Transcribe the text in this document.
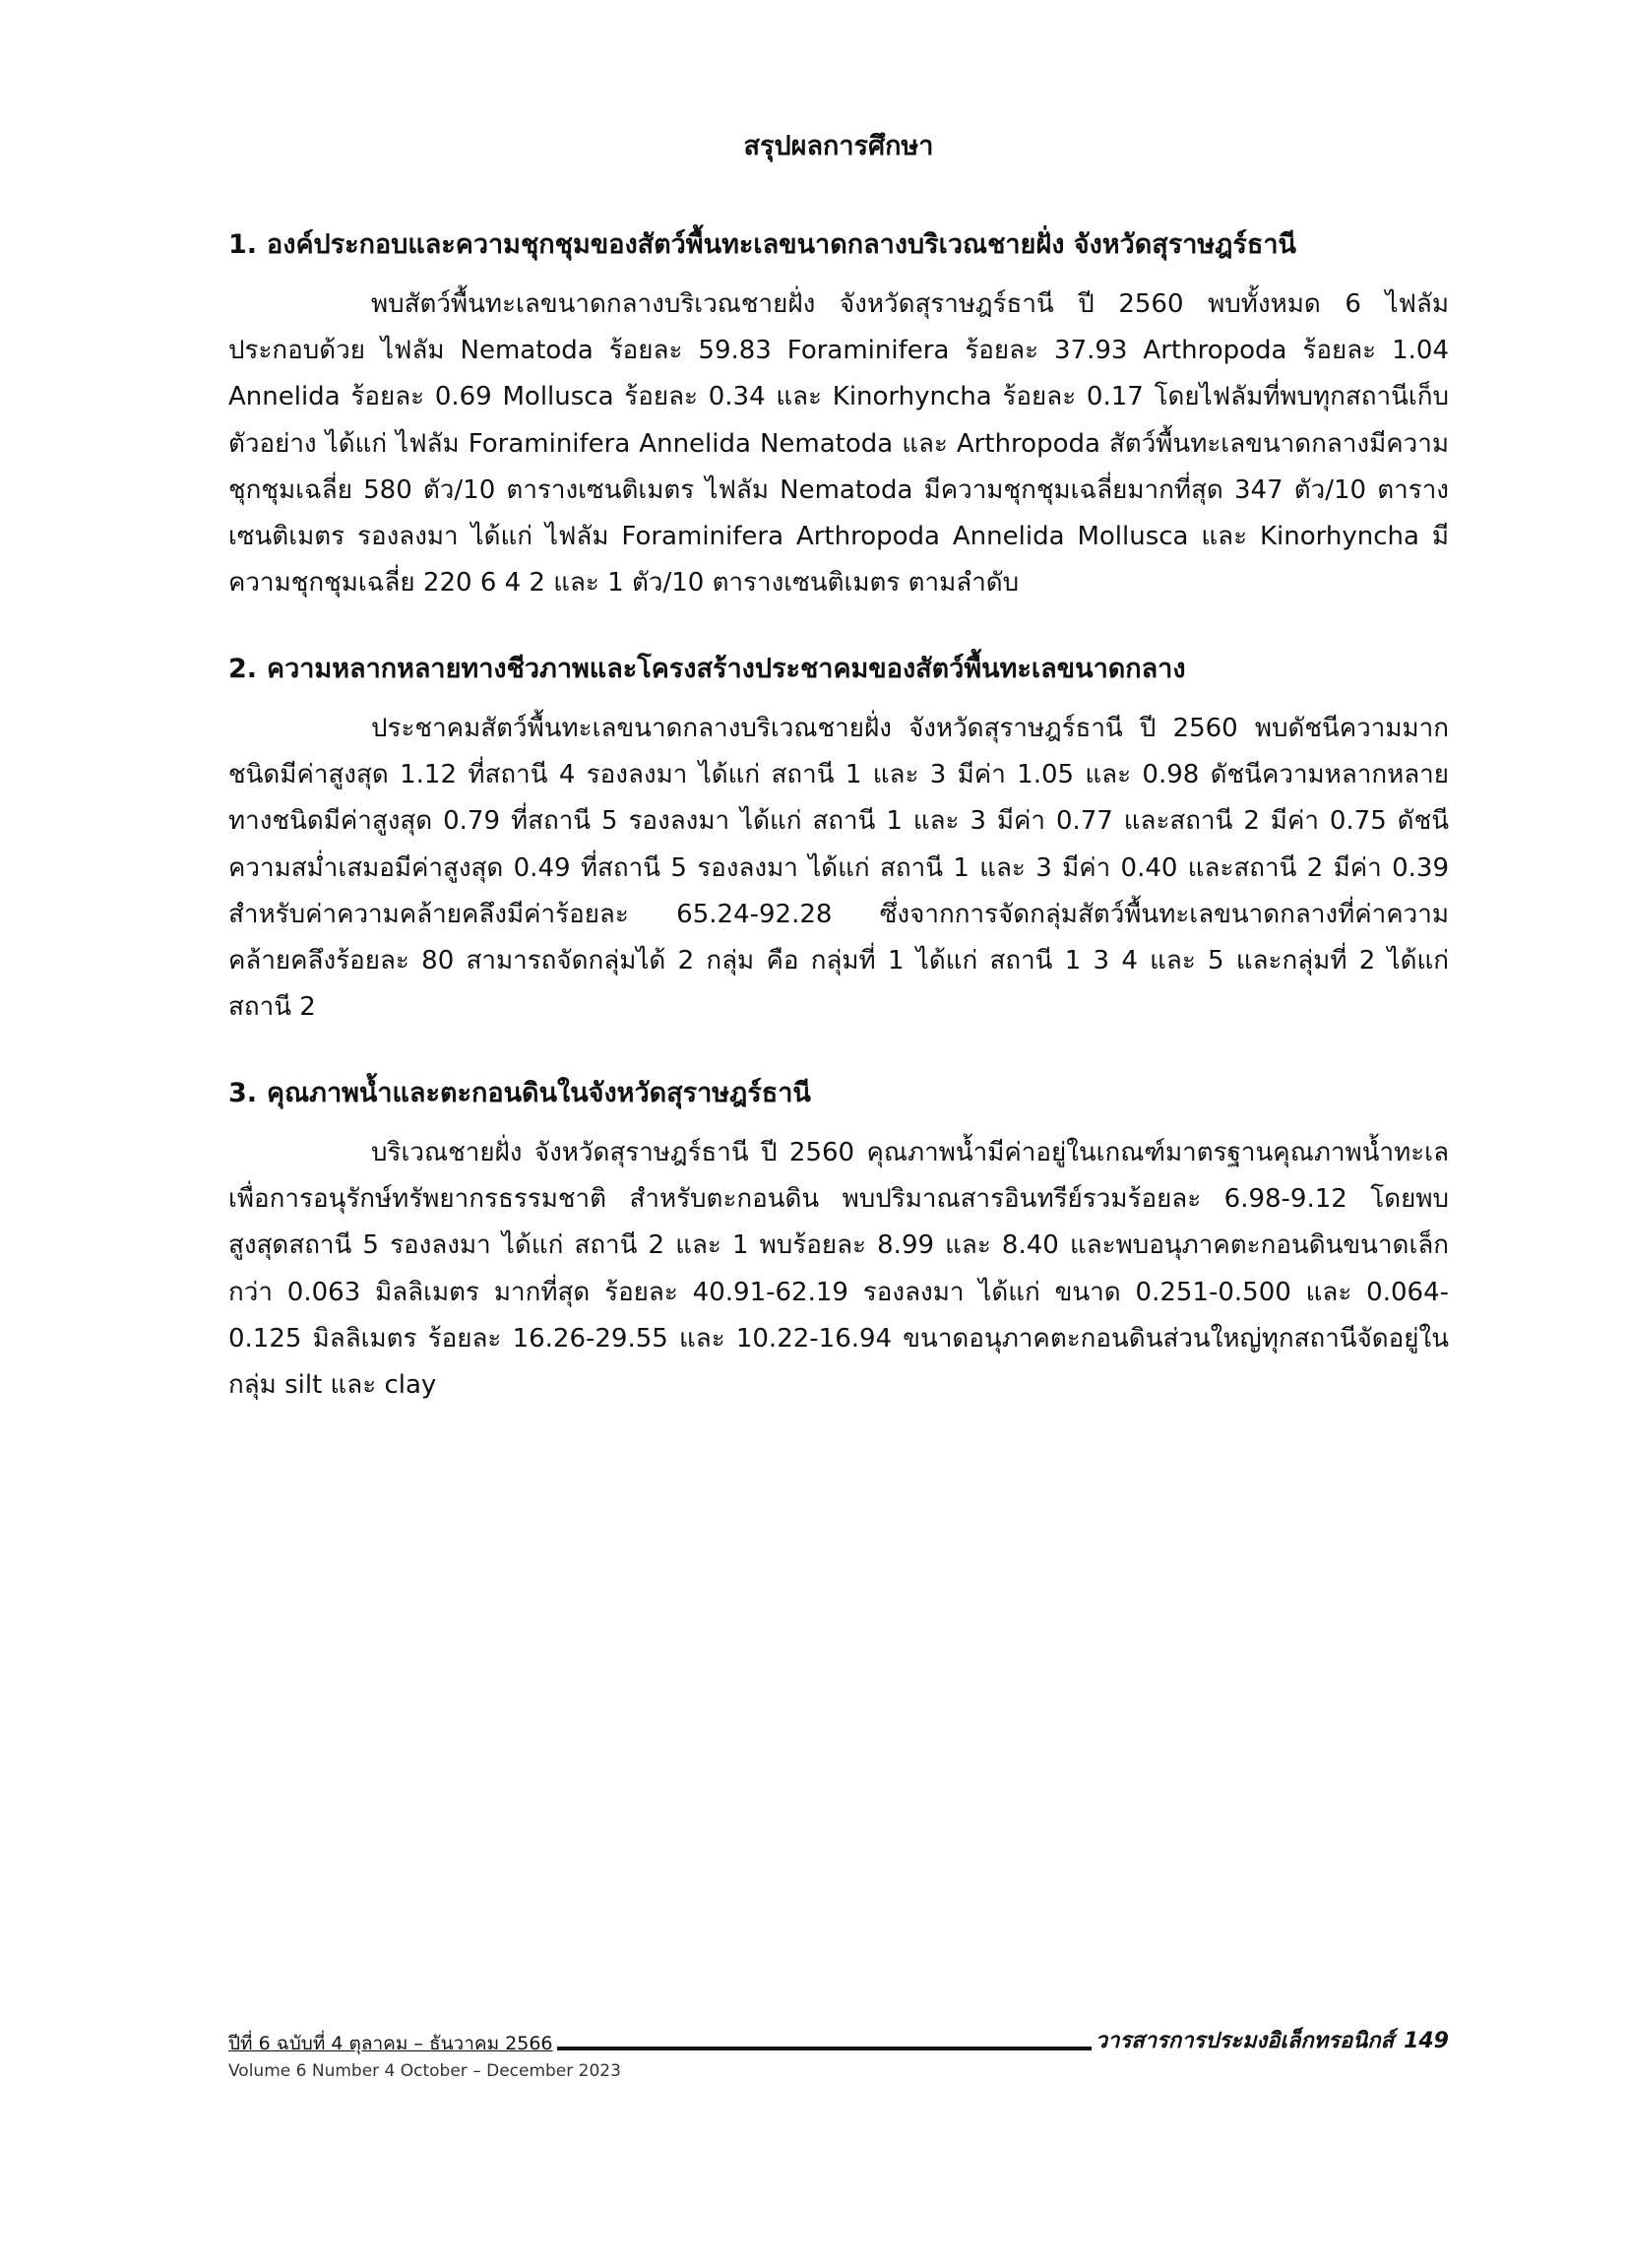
สรุปผลการศึกษา
1. องค์ประกอบและความชุกชุมของสัตว์พื้นทะเลขนาดกลางบริเวณชายฝั่ง จังหวัดสุราษฎร์ธานี

พบสัตว์พื้นทะเลขนาดกลางบริเวณชายฝั่ง จังหวัดสุราษฎร์ธานี ปี 2560 พบทั้งหมด 6 ไฟลัม ประกอบด้วย ไฟลัม Nematoda ร้อยละ 59.83 Foraminifera ร้อยละ 37.93 Arthropoda ร้อยละ 1.04 Annelida ร้อยละ 0.69 Mollusca ร้อยละ 0.34 และ Kinorhyncha ร้อยละ 0.17 โดยไฟลัมที่พบทุกสถานีเก็บตัวอย่าง ได้แก่ ไฟลัม Foraminifera Annelida Nematoda และ Arthropoda สัตว์พื้นทะเลขนาดกลางมีความชุกชุมเฉลี่ย 580 ตัว/10 ตารางเซนติเมตร ไฟลัม Nematoda มีความชุกชุมเฉลี่ยมากที่สุด 347 ตัว/10 ตารางเซนติเมตร รองลงมา ได้แก่ ไฟลัม Foraminifera Arthropoda Annelida Mollusca และ Kinorhyncha มีความชุกชุมเฉลี่ย 220 6 4 2 และ 1 ตัว/10 ตารางเซนติเมตร ตามลำดับ

2. ความหลากหลายทางชีวภาพและโครงสร้างประชาคมของสัตว์พื้นทะเลขนาดกลาง

ประชาคมสัตว์พื้นทะเลขนาดกลางบริเวณชายฝั่ง จังหวัดสุราษฎร์ธานี ปี 2560 พบดัชนีความมากชนิดมีค่าสูงสุด 1.12 ที่สถานี 4 รองลงมา ได้แก่ สถานี 1 และ 3 มีค่า 1.05 และ 0.98 ดัชนีความหลากหลายทางชนิดมีค่าสูงสุด 0.79 ที่สถานี 5 รองลงมา ได้แก่ สถานี 1 และ 3 มีค่า 0.77 และสถานี 2 มีค่า 0.75 ดัชนีความสม่ำเสมอมีค่าสูงสุด 0.49 ที่สถานี 5 รองลงมา ได้แก่ สถานี 1 และ 3 มีค่า 0.40 และสถานี 2 มีค่า 0.39 สำหรับค่าความคล้ายคลึงมีค่าร้อยละ 65.24-92.28 ซึ่งจากการจัดกลุ่มสัตว์พื้นทะเลขนาดกลางที่ค่าความคล้ายคลึงร้อยละ 80 สามารถจัดกลุ่มได้ 2 กลุ่ม คือ กลุ่มที่ 1 ได้แก่ สถานี 1 3 4 และ 5 และกลุ่มที่ 2 ได้แก่ สถานี 2

3. คุณภาพน้ำและตะกอนดินในจังหวัดสุราษฎร์ธานี

บริเวณชายฝั่ง จังหวัดสุราษฎร์ธานี ปี 2560 คุณภาพน้ำมีค่าอยู่ในเกณฑ์มาตรฐานคุณภาพน้ำทะเลเพื่อการอนุรักษ์ทรัพยากรธรรมชาติ สำหรับตะกอนดิน พบปริมาณสารอินทรีย์รวมร้อยละ 6.98-9.12 โดยพบสูงสุดสถานี 5 รองลงมา ได้แก่ สถานี 2 และ 1 พบร้อยละ 8.99 และ 8.40 และพบอนุภาคตะกอนดินขนาดเล็กกว่า 0.063 มิลลิเมตร มากที่สุด ร้อยละ 40.91-62.19 รองลงมา ได้แก่ ขนาด 0.251-0.500 และ 0.064-0.125 มิลลิเมตร ร้อยละ 16.26-29.55 และ 10.22-16.94 ขนาดอนุภาคตะกอนดินส่วนใหญ่ทุกสถานีจัดอยู่ในกลุ่ม silt และ clay

ปีที่ 6 ฉบับที่ 4 ตุลาคม – ธันวาคม 2566	วารสารการประมงอิเล็กทรอนิกส์ 149
Volume 6 Number 4 October – December 2023
